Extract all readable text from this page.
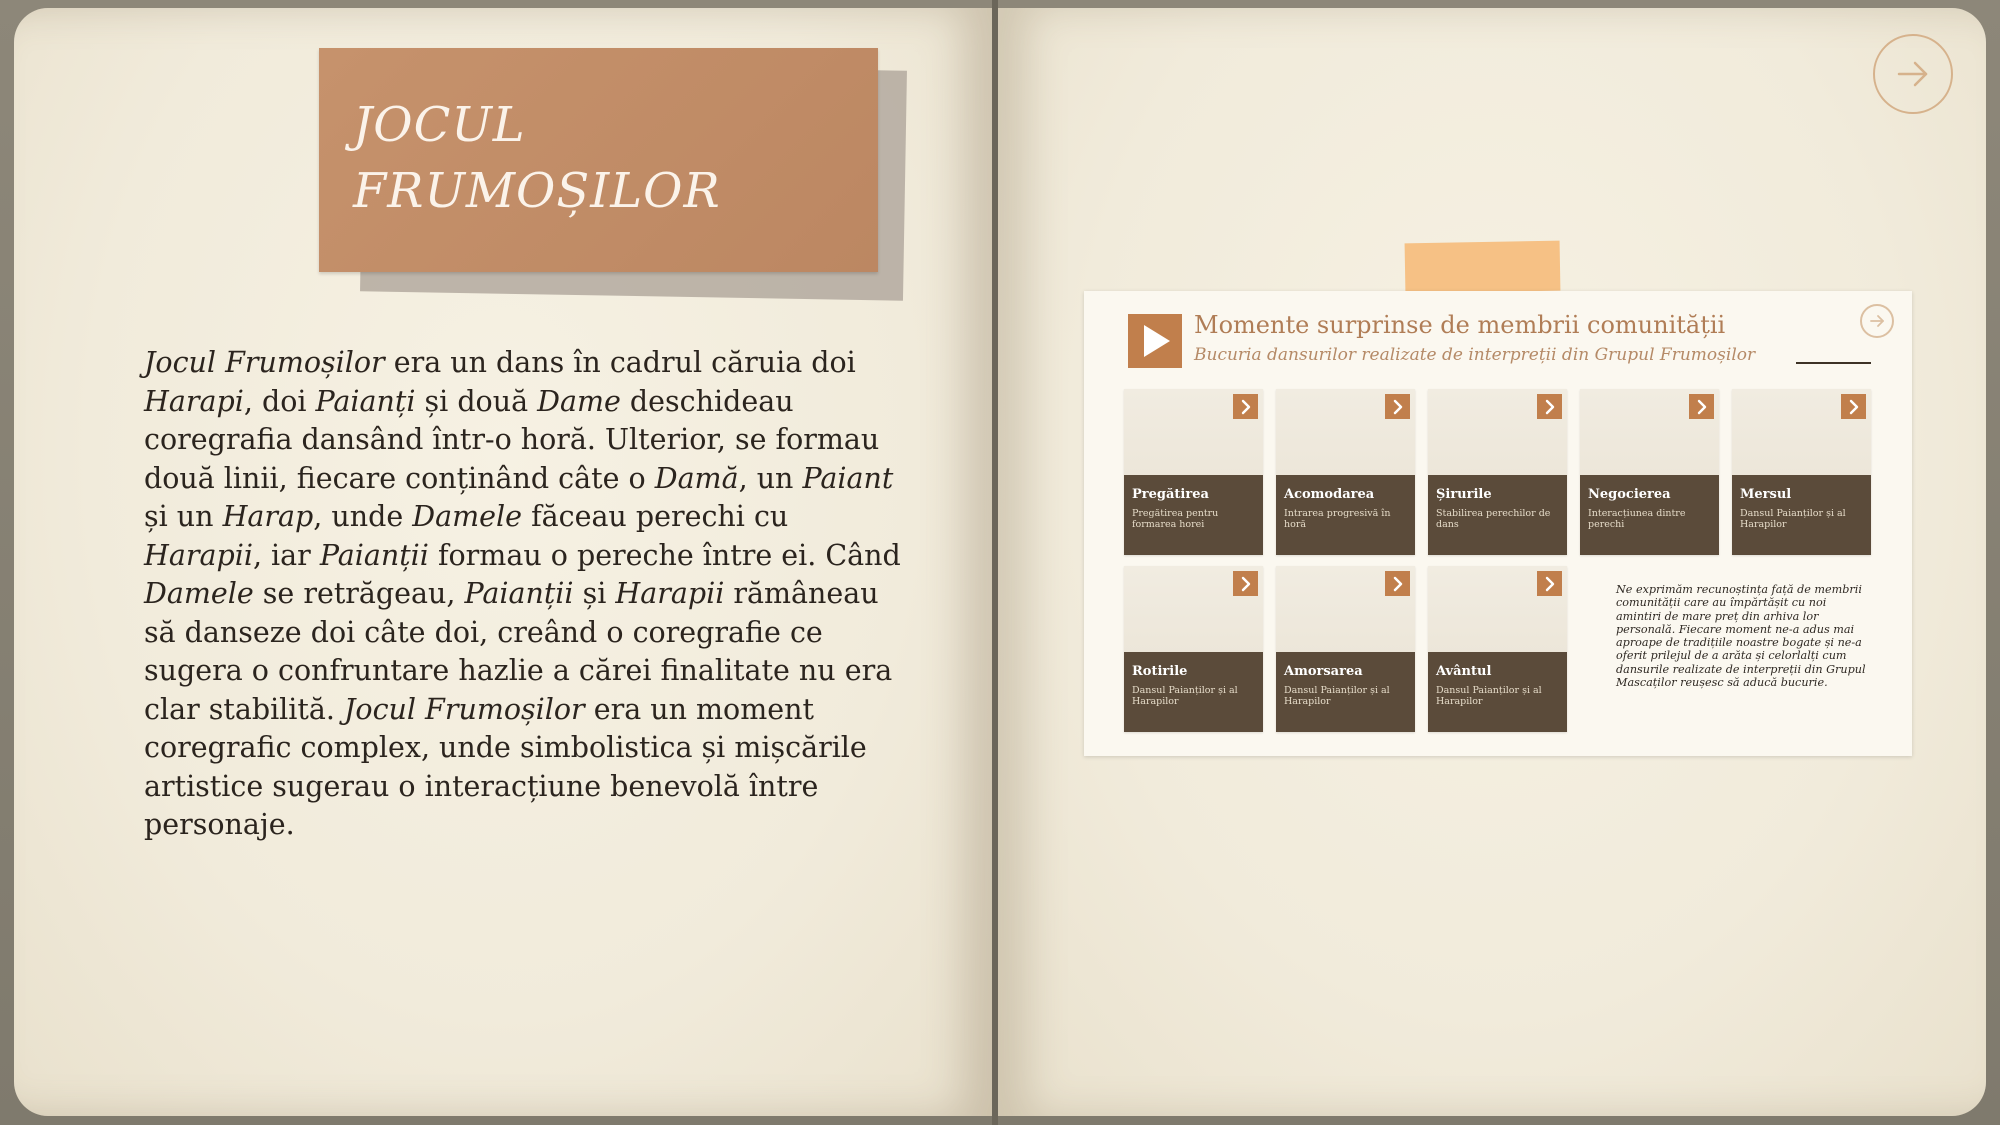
JOCUL
FRUMOȘILOR
Jocul Frumoșilor era un dans în cadrul căruia doi Harapi, doi Paianți și două Dame deschideau coregrafia dansând într-o horă. Ulterior, se formau două linii, fiecare conținând câte o Damă, un Paiant și un Harap, unde Damele făceau perechi cu Harapii, iar Paianții formau o pereche între ei. Când Damele se retrăgeau, Paianții și Harapii rămâneau să danseze doi câte doi, creând o coregrafie ce sugera o confruntare hazlie a cărei finalitate nu era clar stabilită. Jocul Frumoșilor era un moment coregrafic complex, unde simbolistica și mișcările artistice sugerau o interacțiune benevolă între personaje.
Momente surprinse de membrii comunității
Bucuria dansurilor realizate de interpreții din Grupul Frumoșilor
Pregătirea
Pregătirea pentru formarea horei
Acomodarea
Intrarea progresivă în horă
Șirurile
Stabilirea perechilor de dans
Negocierea
Interacțiunea dintre perechi
Mersul
Dansul Paianților și al Harapilor
Rotirile
Dansul Paianților și al Harapilor
Amorsarea
Dansul Paianților și al Harapilor
Avântul
Dansul Paianților și al Harapilor
Ne exprimăm recunoștința față de membrii comunității care au împărtășit cu noi amintiri de mare preț din arhiva lor personală. Fiecare moment ne-a adus mai aproape de tradițiile noastre bogate și ne-a oferit prilejul de a arăta și celorlalți cum dansurile realizate de interpreții din Grupul Mascaților reușesc să aducă bucurie.
